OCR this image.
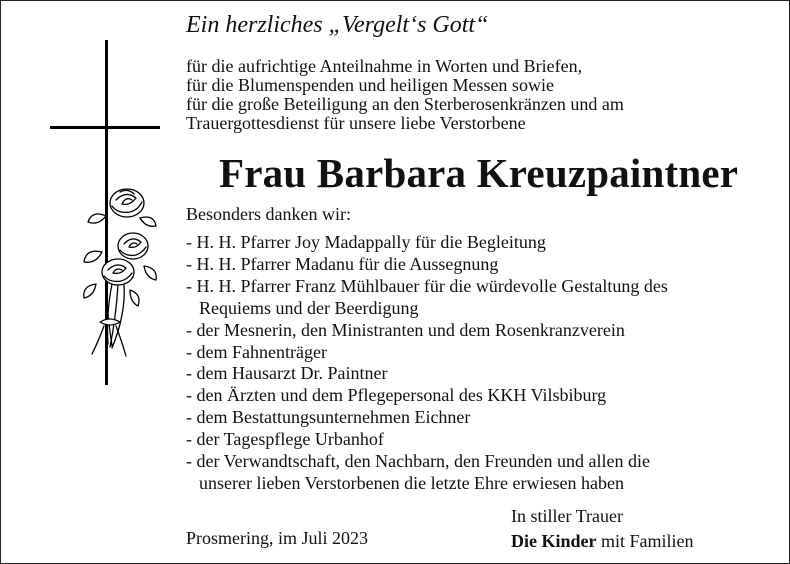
Ein herzliches „Vergelt‘s Gott“
für die aufrichtige Anteilnahme in Worten und Briefen,
für die Blumenspenden und heiligen Messen sowie
für die große Beteiligung an den Sterberosenkränzen und am
Trauergottesdienst für unsere liebe Verstorbene
Frau Barbara Kreuzpaintner
Besonders danken wir:
- H. H. Pfarrer Joy Madappally für die Begleitung
- H. H. Pfarrer Madanu für die Aussegnung
- H. H. Pfarrer Franz Mühlbauer für die würdevolle Gestaltung des
Requiems und der Beerdigung
- der Mesnerin, den Ministranten und dem Rosenkranzverein
- dem Fahnenträger
- dem Hausarzt Dr. Paintner
- den Ärzten und dem Pflegepersonal des KKH Vilsbiburg
- dem Bestattungsunternehmen Eichner
- der Tagespflege Urbanhof
- der Verwandtschaft, den Nachbarn, den Freunden und allen die
unserer lieben Verstorbenen die letzte Ehre erwiesen haben
Prosmering, im Juli 2023
In stiller Trauer
Die Kinder mit Familien
